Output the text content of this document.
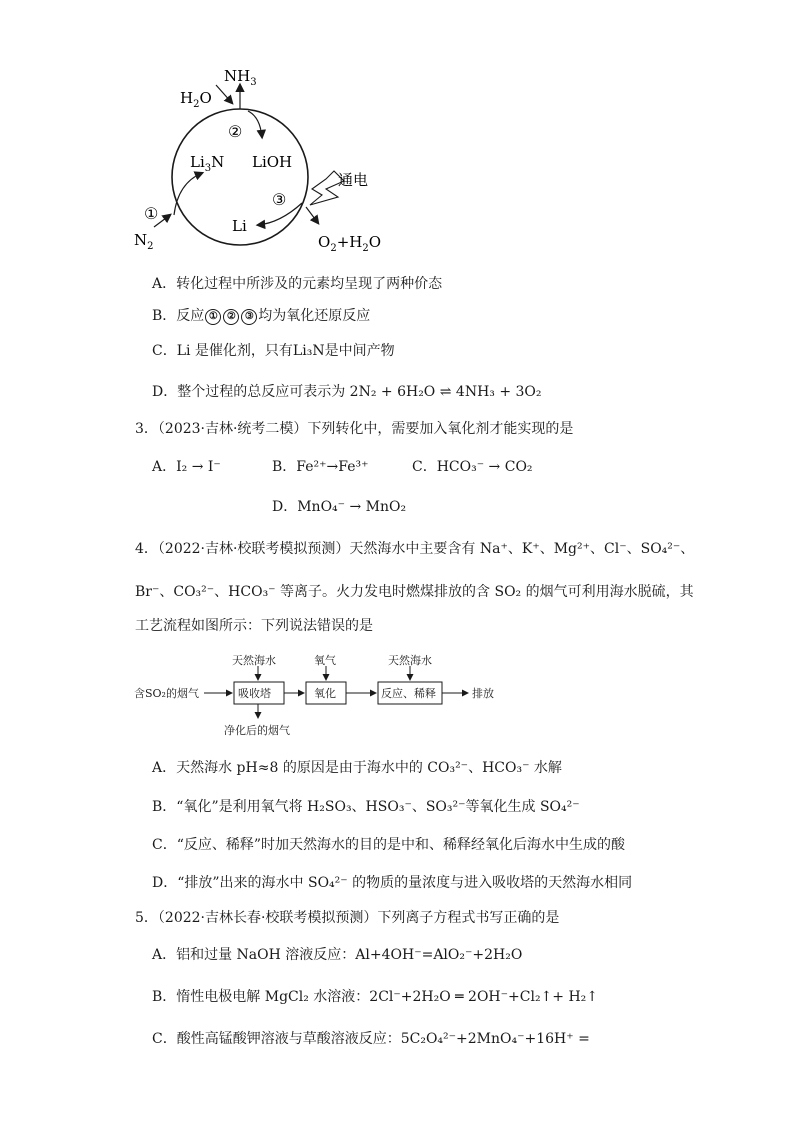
$NH_3$
$H_2O$
②
$Li_3N$ LiOH
③
通电
①
Li
$N_2$	$O_2+H_2O$
A．转化过程中所涉及的元素均呈现了两种价态
B．反应 ① ② ③ 均为氧化还原反应
C．Li 是催化剂，只有Li₃N是中间产物
D．整个过程的总反应可表示为 2N₂ + 6H₂O ⇌ 4NH₃ + 3O₂
3．（2023·吉林·统考二模）下列转化中，需要加入氧化剂才能实现的是
A．I₂ → I⁻	B．Fe²⁺→Fe³⁺	C．HCO₃⁻ → CO₂
D．MnO₄⁻ → MnO₂
4．（2022·吉林·校联考模拟预测）天然海水中主要含有 Na⁺、K⁺、Mg²⁺、Cl⁻、SO₄²⁻、
Br⁻、CO₃²⁻、HCO₃⁻ 等离子。火力发电时燃煤排放的含 SO₂ 的烟气可利用海水脱硫，其
工艺流程如图所示：下列说法错误的是
含SO₂的烟气
天然海水
吸收塔
净化后的烟气
氧气
氧化
天然海水
反应、稀释	排放
A．天然海水 pH≈8 的原因是由于海水中的 CO₃²⁻、HCO₃⁻ 水解
B．“氧化”是利用氧气将 H₂SO₃、HSO₃⁻、SO₃²⁻等氧化生成 SO₄²⁻
C．“反应、稀释”时加天然海水的目的是中和、稀释经氧化后海水中生成的酸
D．“排放”出来的海水中 SO₄²⁻ 的物质的量浓度与进入吸收塔的天然海水相同
5．（2022·吉林长春·校联考模拟预测）下列离子方程式书写正确的是
A．铝和过量 NaOH 溶液反应：Al+4OH⁻=AlO₂⁻+2H₂O
B．惰性电极电解 MgCl₂ 水溶液：2Cl⁻+2H₂O ═ 2OH⁻+Cl₂↑+ H₂↑
C．酸性高锰酸钾溶液与草酸溶液反应：5C₂O₄²⁻+2MnO₄⁻+16H⁺ =
